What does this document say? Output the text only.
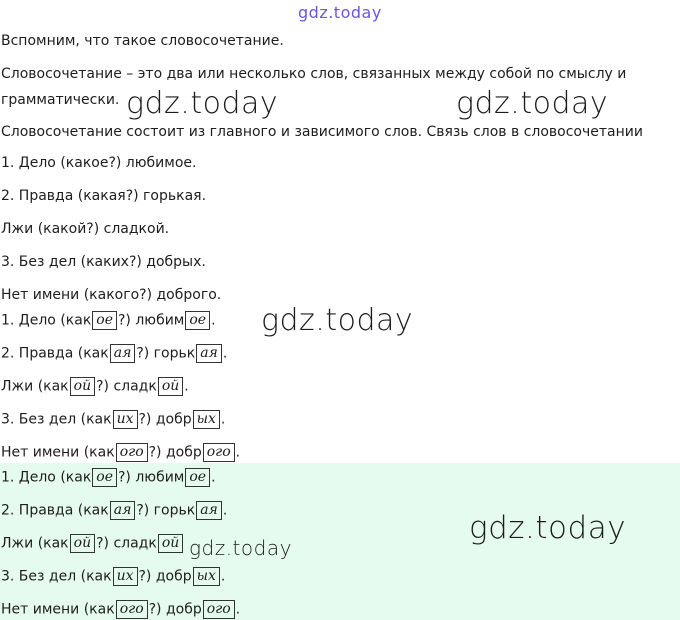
gdz.today
Вспомним, что такое словосочетание.
Словосочетание – это два или несколько слов, связанных между собой по смыслу и
грамматически.
Словосочетание состоит из главного и зависимого слов. Связь слов в словосочетании
1. Дело (какое?) любимое.
2. Правда (какая?) горькая.
Лжи (какой?) сладкой.
3. Без дел (каких?) добрых.
Нет имени (какого?) доброго.
1. Дело (как ое ?) любим ое .
2. Правда (как ая ?) горьк ая .
Лжи (как ой ?) сладк ой .
3. Без дел (как их ?) добр ых .
Нет имени (как ого ?) добр ого .
1. Дело (как ое ?) любим ое .
2. Правда (как ая ?) горьк ая .
Лжи (как ой ?) сладк ой
3. Без дел (как их ?) добр ых .
Нет имени (как ого ?) добр ого .
gdz.today	gdz.today
gdz.today
gdz.today
gdz.today
